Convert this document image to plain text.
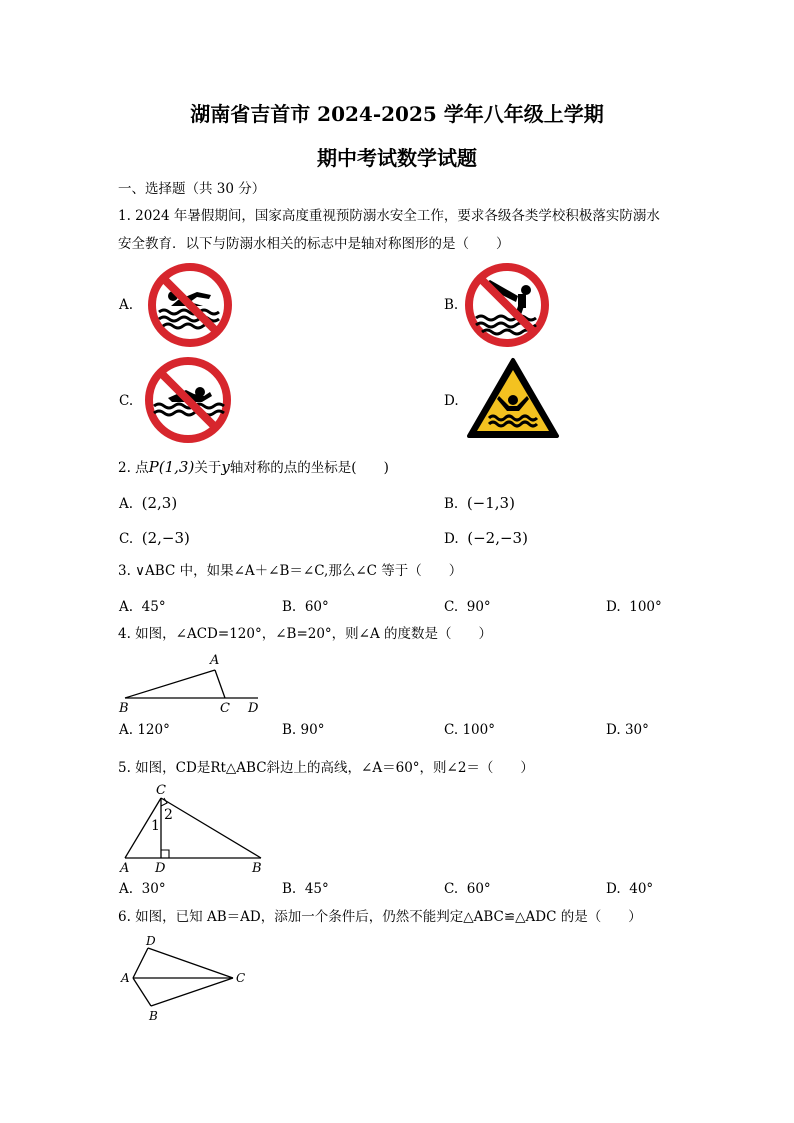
湖南省吉首市 2024-2025 学年八年级上学期
期中考试数学试题
一、选择题（共 30 分）
1. 2024 年暑假期间，国家高度重视预防溺水安全工作，要求各级各类学校积极落实防溺水
安全教育．以下与防溺水相关的标志中是轴对称图形的是（　　）
A.	B.
C.	D.
2. 点P(1,3)关于y轴对称的点的坐标是(　　)
A. (2,3)	B. (−1,3)
C. (2,−3)	D. (−2,−3)
3. ∨ABC 中，如果∠A＋∠B＝∠C,那么∠C 等于（　　）
A. 45°	B. 60°	C. 90°	D. 100°
4. 如图，∠ACD=120°，∠B=20°，则∠A 的度数是（　　）
A
B	C D
A. 120°	B. 90°	C. 100°	D. 30°
5. 如图，CD是Rt△ABC斜边上的高线，∠A＝60°，则∠2＝（　　）
C
1
2
A D	B
A. 30°	B. 45°	C. 60°	D. 40°
6. 如图，已知 AB＝AD，添加一个条件后，仍然不能判定△ABC≌△ADC 的是（　　）
D
A	C
B
